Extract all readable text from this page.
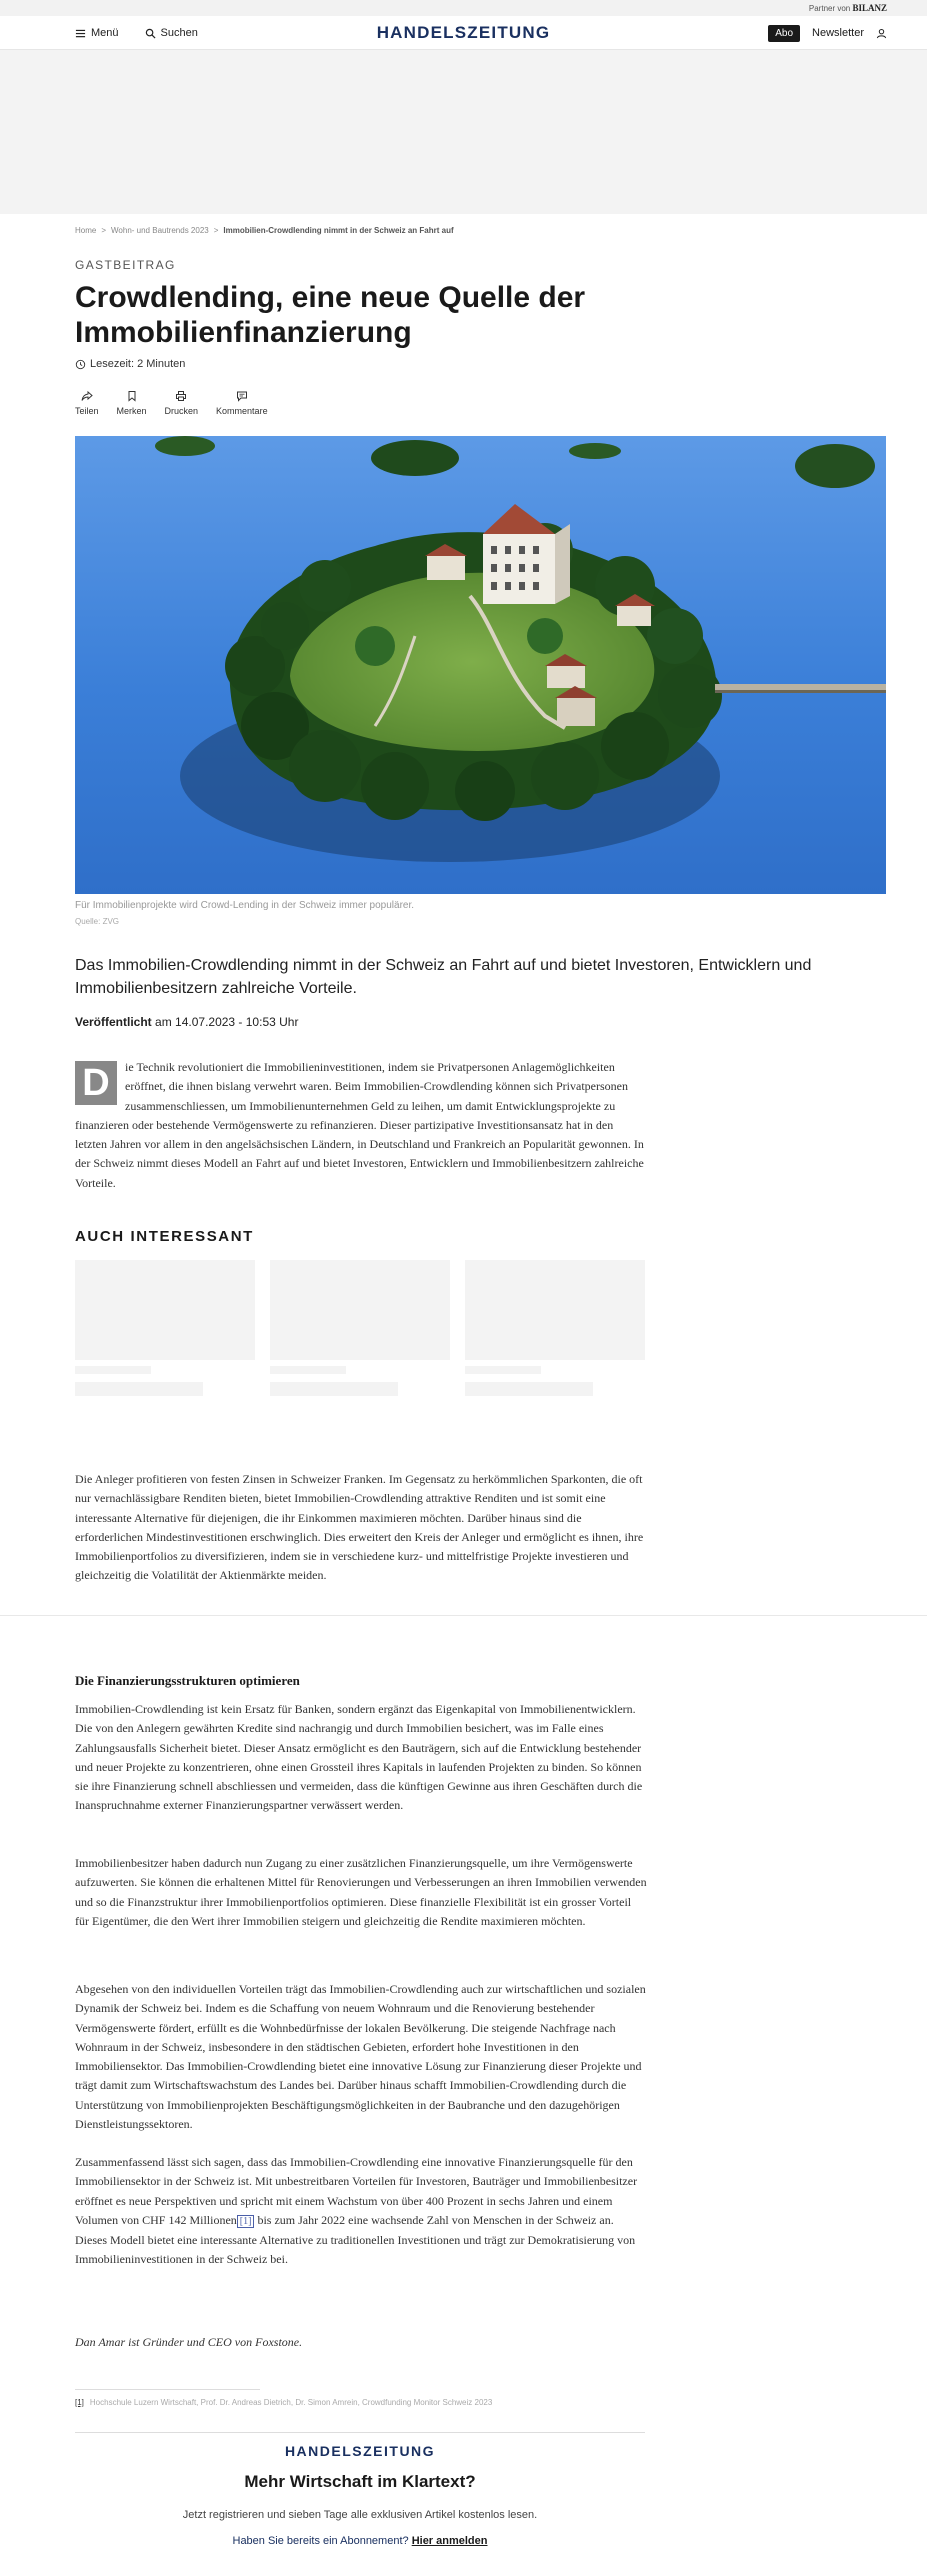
Partner von BILANZ
HANDELSZEITUNG
Menü	Suchen	Abo	Newsletter
Home > Wohn- und Bautrends 2023 > Immobilien-Crowdlending nimmt in der Schweiz an Fahrt auf
GASTBEITRAG
Crowdlending, eine neue Quelle der Immobilienfinanzierung
Lesezeit: 2 Minuten
Teilen Merken Drucken Kommentare
Für Immobilienprojekte wird Crowd-Lending in der Schweiz immer populärer.
Quelle: ZVG

Das Immobilien-Crowdlending nimmt in der Schweiz an Fahrt auf und bietet Investoren, Entwicklern und Immobilienbesitzern zahlreiche Vorteile.

Veröffentlicht am 14.07.2023 - 10:53 Uhr
D	ie Technik revolutioniert die Immobilieninvestitionen, indem sie Privatpersonen Anlagemöglichkeiten eröffnet, die ihnen bislang verwehrt waren. Beim Immobilien-Crowdlending können sich Privatpersonen zusammenschliessen, um Immobilienunternehmen Geld zu leihen, um damit Entwicklungsprojekte zu finanzieren oder bestehende Vermögenswerte zu refinanzieren. Dieser partizipative Investitionsansatz hat in den letzten Jahren vor allem in den angelsächsischen Ländern, in Deutschland und Frankreich an Popularität gewonnen. In der Schweiz nimmt dieses Modell an Fahrt auf und bietet Investoren, Entwicklern und Immobilienbesitzern zahlreiche Vorteile.
AUCH INTERESSANT

Die Anleger profitieren von festen Zinsen in Schweizer Franken. Im Gegensatz zu herkömmlichen Sparkonten, die oft nur vernachlässigbare Renditen bieten, bietet Immobilien-Crowdlending attraktive Renditen und ist somit eine interessante Alternative für diejenigen, die ihr Einkommen maximieren möchten. Darüber hinaus sind die erforderlichen Mindestinvestitionen erschwinglich. Dies erweitert den Kreis der Anleger und ermöglicht es ihnen, ihre Immobilienportfolios zu diversifizieren, indem sie in verschiedene kurz- und mittelfristige Projekte investieren und gleichzeitig die Volatilität der Aktienmärkte meiden.

Die Finanzierungsstrukturen optimieren

Immobilien-Crowdlending ist kein Ersatz für Banken, sondern ergänzt das Eigenkapital von Immobilienentwicklern. Die von den Anlegern gewährten Kredite sind nachrangig und durch Immobilien besichert, was im Falle eines Zahlungsausfalls Sicherheit bietet. Dieser Ansatz ermöglicht es den Bauträgern, sich auf die Entwicklung bestehender und neuer Projekte zu konzentrieren, ohne einen Grossteil ihres Kapitals in laufenden Projekten zu binden. So können sie ihre Finanzierung schnell abschliessen und vermeiden, dass die künftigen Gewinne aus ihren Geschäften durch die Inanspruchnahme externer Finanzierungspartner verwässert werden.

Immobilienbesitzer haben dadurch nun Zugang zu einer zusätzlichen Finanzierungsquelle, um ihre Vermögenswerte aufzuwerten. Sie können die erhaltenen Mittel für Renovierungen und Verbesserungen an ihren Immobilien verwenden und so die Finanzstruktur ihrer Immobilienportfolios optimieren. Diese finanzielle Flexibilität ist ein grosser Vorteil für Eigentümer, die den Wert ihrer Immobilien steigern und gleichzeitig die Rendite maximieren möchten.

Abgesehen von den individuellen Vorteilen trägt das Immobilien-Crowdlending auch zur wirtschaftlichen und sozialen Dynamik der Schweiz bei. Indem es die Schaffung von neuem Wohnraum und die Renovierung bestehender Vermögenswerte fördert, erfüllt es die Wohnbedürfnisse der lokalen Bevölkerung. Die steigende Nachfrage nach Wohnraum in der Schweiz, insbesondere in den städtischen Gebieten, erfordert hohe Investitionen in den Immobiliensektor. Das Immobilien-Crowdlending bietet eine innovative Lösung zur Finanzierung dieser Projekte und trägt damit zum Wirtschaftswachstum des Landes bei. Darüber hinaus schafft Immobilien-Crowdlending durch die Unterstützung von Immobilienprojekten Beschäftigungsmöglichkeiten in der Baubranche und den dazugehörigen Dienstleistungssektoren.

Zusammenfassend lässt sich sagen, dass das Immobilien-Crowdlending eine innovative Finanzierungsquelle für den Immobiliensektor in der Schweiz ist. Mit unbestreitbaren Vorteilen für Investoren, Bauträger und Immobilienbesitzer eröffnet es neue Perspektiven und spricht mit einem Wachstum von über 400 Prozent in sechs Jahren und einem Volumen von CHF 142 Millionen [1] bis zum Jahr 2022 eine wachsende Zahl von Menschen in der Schweiz an. Dieses Modell bietet eine interessante Alternative zu traditionellen Investitionen und trägt zur Demokratisierung von Immobilieninvestitionen in der Schweiz bei.

Dan Amar ist Gründer und CEO von Foxstone.

[1] Hochschule Luzern Wirtschaft, Prof. Dr. Andreas Dietrich, Dr. Simon Amrein, Crowdfunding Monitor Schweiz 2023
HANDELSZEITUNG
Mehr Wirtschaft im Klartext?
Jetzt registrieren und sieben Tage alle exklusiven Artikel kostenlos lesen.
Haben Sie bereits ein Abonnement? Hier anmelden
